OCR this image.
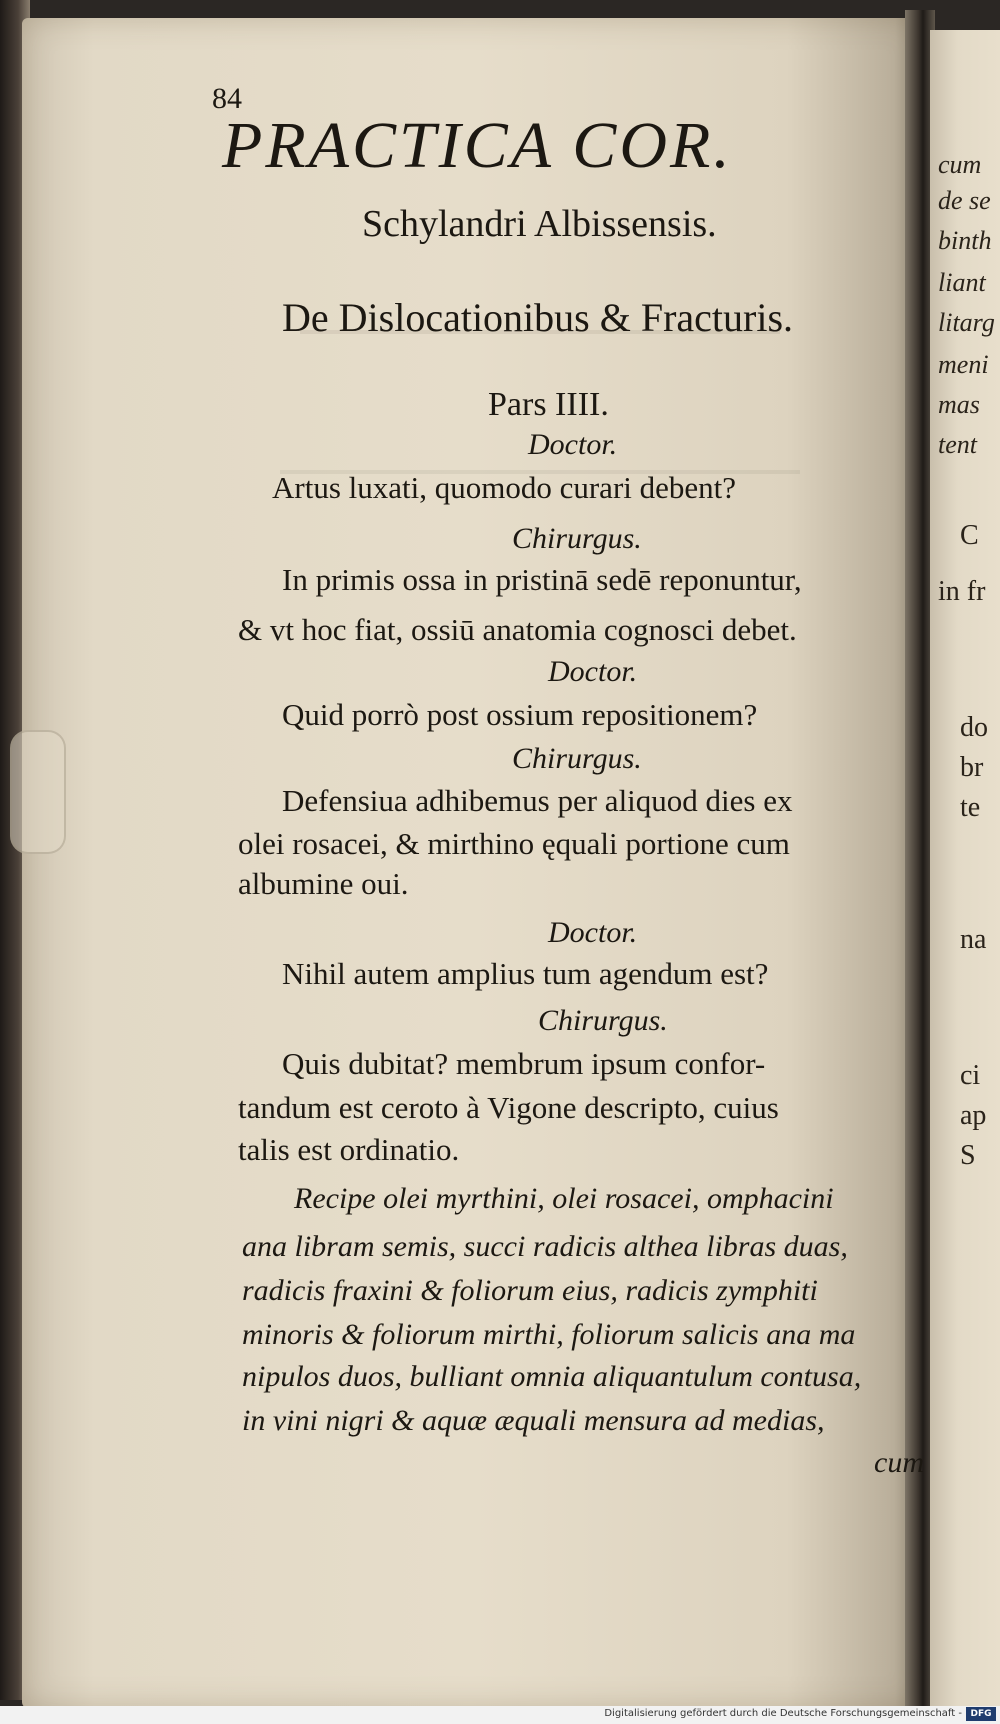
84
PRACTICA COR.
Schylandri Albissensis.
De Dislocationibus & Fracturis.
Pars IIII.
Doctor.
Artus luxati, quomodo curari debent?
Chirurgus.
In primis ossa in pristinā sedē reponuntur,
& vt hoc fiat, ossiū anatomia cognosci debet.
Doctor.
Quid porrò post ossium repositionem?
Chirurgus.
Defensiua adhibemus per aliquod dies ex
olei rosacei, & mirthino ęquali portione cum
albumine oui.
Doctor.
Nihil autem amplius tum agendum est?
Chirurgus.
Quis dubitat? membrum ipsum confor-
tandum est ceroto à Vigone descripto, cuius
talis est ordinatio.
Recipe olei myrthini, olei rosacei, omphacini
ana libram semis, succi radicis althea libras duas,
radicis fraxini & foliorum eius, radicis zymphiti
minoris & foliorum mirthi, foliorum salicis ana ma
nipulos duos, bulliant omnia aliquantulum contusa,
in vini nigri & aquæ æquali mensura ad medias,
cum
cum
de se
binth
liant
litarg
meni
mas
tent
C
in fr
do
br
te
na
ci
ap
S
Digitalisierung gefördert durch die Deutsche Forschungsgemeinschaft - DFG
